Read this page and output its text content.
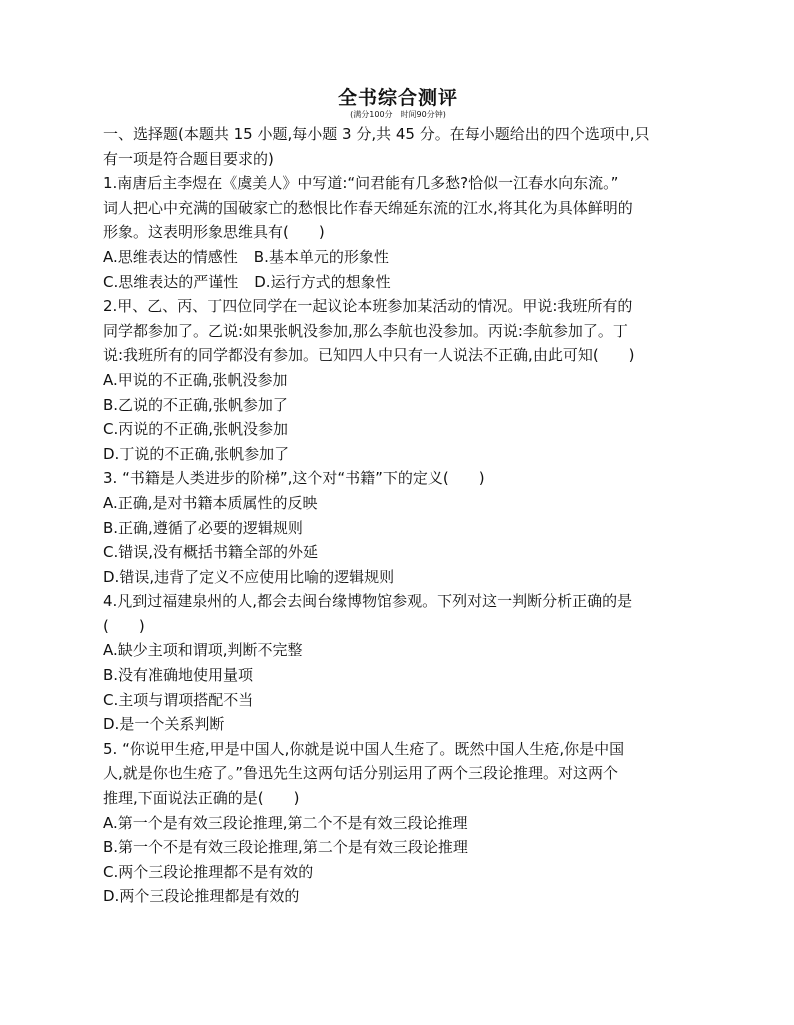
全书综合测评

(满分100分　时间90分钟)

一、选择题(本题共 15 小题,每小题 3 分,共 45 分。在每小题给出的四个选项中,只

有一项是符合题目要求的)

1.南唐后主李煜在《虞美人》中写道:“问君能有几多愁?恰似一江春水向东流。”

词人把心中充满的国破家亡的愁恨比作春天绵延东流的江水,将其化为具体鲜明的

形象。这表明形象思维具有(　　)

A.思维表达的情感性 B.基本单元的形象性
C.思维表达的严谨性 D.运行方式的想象性

2.甲、乙、丙、丁四位同学在一起议论本班参加某活动的情况。甲说:我班所有的

同学都参加了。乙说:如果张帆没参加,那么李航也没参加。丙说:李航参加了。丁

说:我班所有的同学都没有参加。已知四人中只有一人说法不正确,由此可知(　　)

A.甲说的不正确,张帆没参加

B.乙说的不正确,张帆参加了

C.丙说的不正确,张帆没参加

D.丁说的不正确,张帆参加了

3. “书籍是人类进步的阶梯”,这个对“书籍”下的定义(　　)

A.正确,是对书籍本质属性的反映

B.正确,遵循了必要的逻辑规则

C.错误,没有概括书籍全部的外延

D.错误,违背了定义不应使用比喻的逻辑规则

4.凡到过福建泉州的人,都会去闽台缘博物馆参观。下列对这一判断分析正确的是

(　　)

A.缺少主项和谓项,判断不完整

B.没有准确地使用量项

C.主项与谓项搭配不当

D.是一个关系判断

5. “你说甲生疮,甲是中国人,你就是说中国人生疮了。既然中国人生疮,你是中国

人,就是你也生疮了。”鲁迅先生这两句话分别运用了两个三段论推理。对这两个

推理,下面说法正确的是(　　)

A.第一个是有效三段论推理,第二个不是有效三段论推理

B.第一个不是有效三段论推理,第二个是有效三段论推理

C.两个三段论推理都不是有效的

D.两个三段论推理都是有效的
